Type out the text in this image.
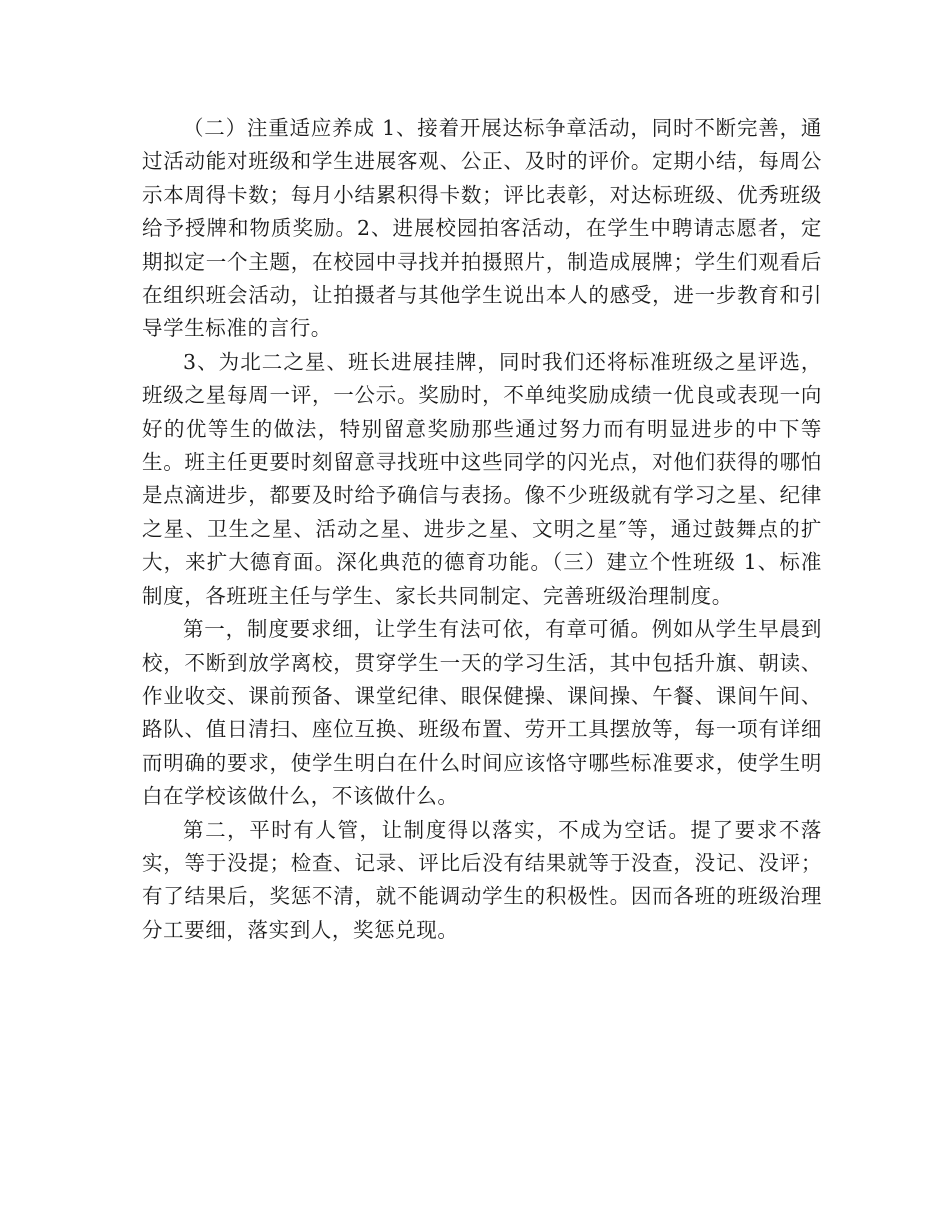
（二）注重适应养成 1、接着开展达标争章活动，同时不断完善，通过活动能对班级和学生进展客观、公正、及时的评价。定期小结，每周公示本周得卡数；每月小结累积得卡数；评比表彰，对达标班级、优秀班级给予授牌和物质奖励。2、进展校园拍客活动，在学生中聘请志愿者，定期拟定一个主题，在校园中寻找并拍摄照片，制造成展牌；学生们观看后在组织班会活动，让拍摄者与其他学生说出本人的感受，进一步教育和引导学生标准的言行。

3、为北二之星、班长进展挂牌，同时我们还将标准班级之星评选，班级之星每周一评，一公示。奖励时，不单纯奖励成绩一优良或表现一向好的优等生的做法，特别留意奖励那些通过努力而有明显进步的中下等生。班主任更要时刻留意寻找班中这些同学的闪光点，对他们获得的哪怕是点滴进步，都要及时给予确信与表扬。像不少班级就有学习之星、纪律之星、卫生之星、活动之星、进步之星、文明之星″等，通过鼓舞点的扩大，来扩大德育面。深化典范的德育功能。（三）建立个性班级 1、标准制度，各班班主任与学生、家长共同制定、完善班级治理制度。

第一，制度要求细，让学生有法可依，有章可循。例如从学生早晨到校，不断到放学离校，贯穿学生一天的学习生活，其中包括升旗、朝读、作业收交、课前预备、课堂纪律、眼保健操、课间操、午餐、课间午间、路队、值日清扫、座位互换、班级布置、劳开工具摆放等，每一项有详细而明确的要求，使学生明白在什么时间应该恪守哪些标准要求，使学生明白在学校该做什么，不该做什么。

第二，平时有人管，让制度得以落实，不成为空话。提了要求不落实，等于没提；检查、记录、评比后没有结果就等于没查，没记、没评；有了结果后，奖惩不清，就不能调动学生的积极性。因而各班的班级治理分工要细，落实到人，奖惩兑现。
